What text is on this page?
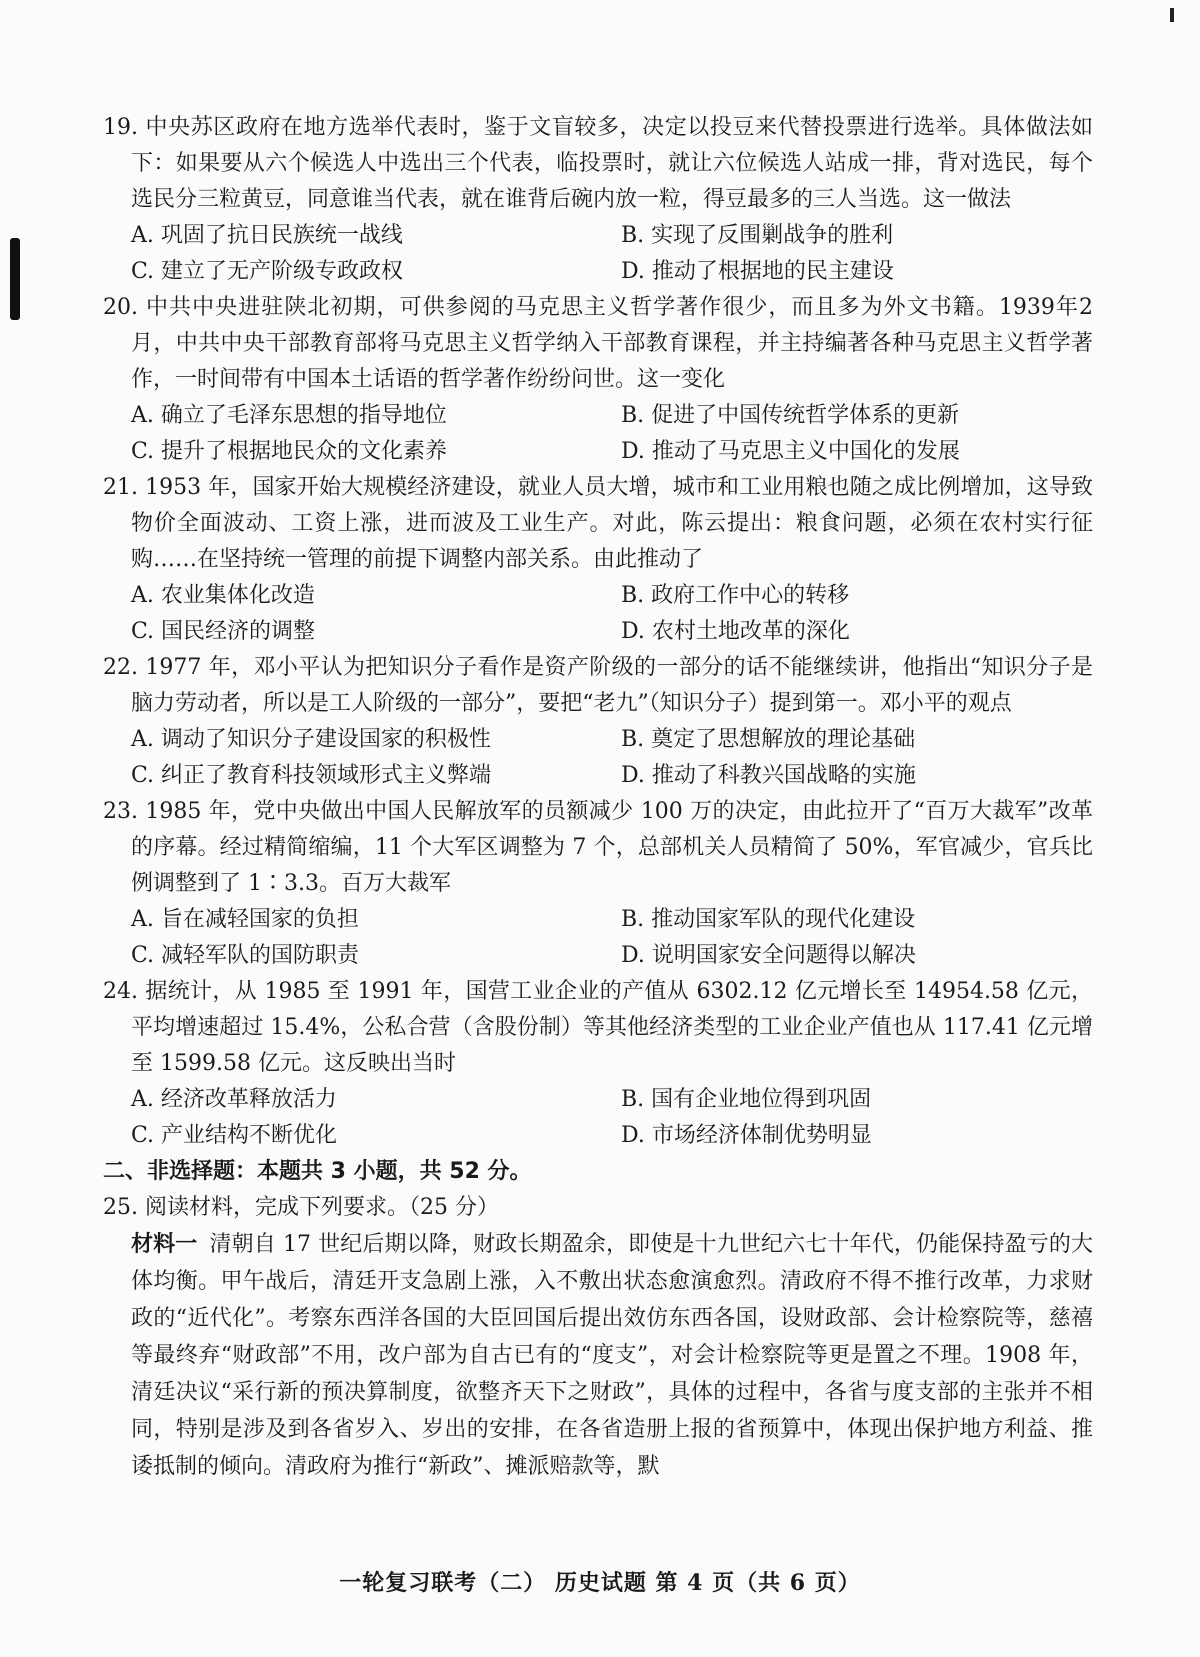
19. 中央苏区政府在地方选举代表时，鉴于文盲较多，决定以投豆来代替投票进行选举。具体做法如下：如果要从六个候选人中选出三个代表，临投票时，就让六位候选人站成一排，背对选民，每个选民分三粒黄豆，同意谁当代表，就在谁背后碗内放一粒，得豆最多的三人当选。这一做法

A. 巩固了抗日民族统一战线	B. 实现了反围剿战争的胜利
C. 建立了无产阶级专政政权	D. 推动了根据地的民主建设

20. 中共中央进驻陕北初期，可供参阅的马克思主义哲学著作很少，而且多为外文书籍。1939年2月，中共中央干部教育部将马克思主义哲学纳入干部教育课程，并主持编著各种马克思主义哲学著作，一时间带有中国本土话语的哲学著作纷纷问世。这一变化

A. 确立了毛泽东思想的指导地位	B. 促进了中国传统哲学体系的更新
C. 提升了根据地民众的文化素养	D. 推动了马克思主义中国化的发展

21. 1953 年，国家开始大规模经济建设，就业人员大增，城市和工业用粮也随之成比例增加，这导致物价全面波动、工资上涨，进而波及工业生产。对此，陈云提出：粮食问题，必须在农村实行征购……在坚持统一管理的前提下调整内部关系。由此推动了

A. 农业集体化改造	B. 政府工作中心的转移
C. 国民经济的调整	D. 农村土地改革的深化

22. 1977 年，邓小平认为把知识分子看作是资产阶级的一部分的话不能继续讲，他指出“知识分子是脑力劳动者，所以是工人阶级的一部分”，要把“老九”（知识分子）提到第一。邓小平的观点

A. 调动了知识分子建设国家的积极性	B. 奠定了思想解放的理论基础
C. 纠正了教育科技领域形式主义弊端	D. 推动了科教兴国战略的实施

23. 1985 年，党中央做出中国人民解放军的员额减少 100 万的决定，由此拉开了“百万大裁军”改革的序幕。经过精简缩编，11 个大军区调整为 7 个，总部机关人员精简了 50%，军官减少，官兵比例调整到了 1∶3.3。百万大裁军

A. 旨在减轻国家的负担	B. 推动国家军队的现代化建设
C. 减轻军队的国防职责	D. 说明国家安全问题得以解决

24. 据统计，从 1985 至 1991 年，国营工业企业的产值从 6302.12 亿元增长至 14954.58 亿元，平均增速超过 15.4%，公私合营（含股份制）等其他经济类型的工业企业产值也从 117.41 亿元增至 1599.58 亿元。这反映出当时

A. 经济改革释放活力	B. 国有企业地位得到巩固
C. 产业结构不断优化	D. 市场经济体制优势明显

二、非选择题：本题共 3 小题，共 52 分。

25. 阅读材料，完成下列要求。（25 分）

材料一 清朝自 17 世纪后期以降，财政长期盈余，即使是十九世纪六七十年代，仍能保持盈亏的大体均衡。甲午战后，清廷开支急剧上涨，入不敷出状态愈演愈烈。清政府不得不推行改革，力求财政的“近代化”。考察东西洋各国的大臣回国后提出效仿东西各国，设财政部、会计检察院等，慈禧等最终弃“财政部”不用，改户部为自古已有的“度支”，对会计检察院等更是置之不理。1908 年，清廷决议“采行新的预决算制度，欲整齐天下之财政”，具体的过程中，各省与度支部的主张并不相同，特别是涉及到各省岁入、岁出的安排，在各省造册上报的省预算中，体现出保护地方利益、推诿抵制的倾向。清政府为推行“新政”、摊派赔款等，默

一轮复习联考（二） 历史试题 第 4 页（共 6 页）
